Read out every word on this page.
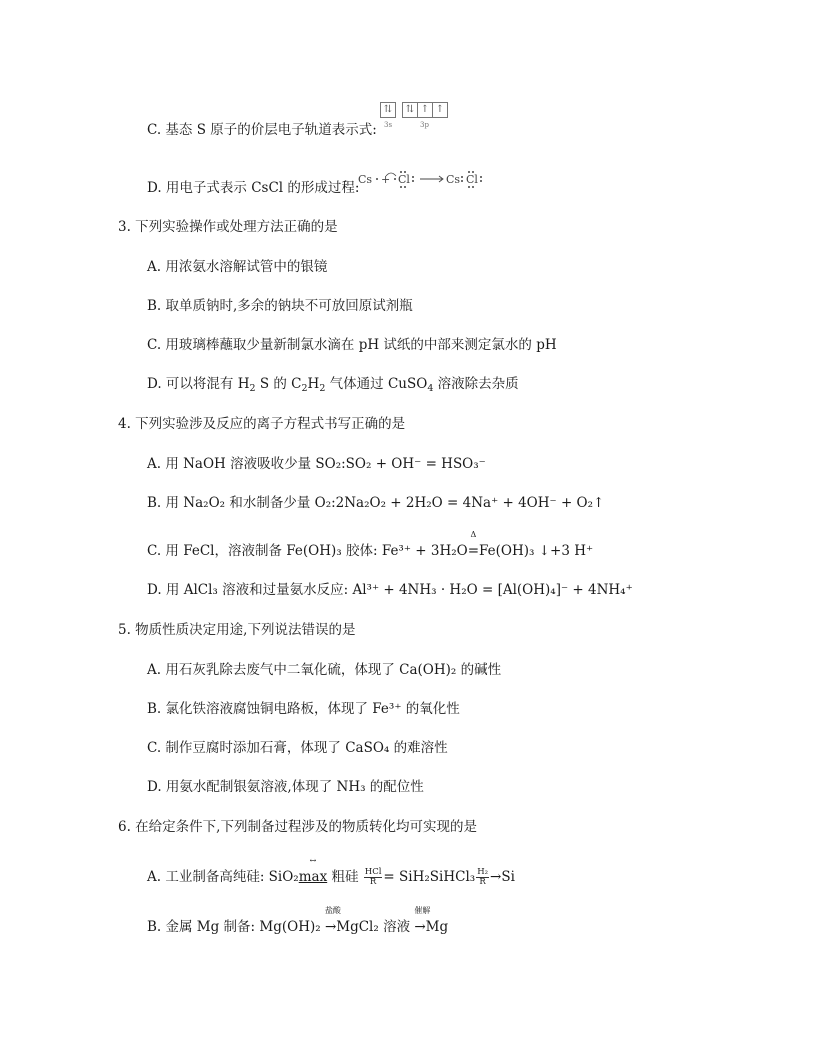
C. 基态 S 原子的价层电子轨道表示式:
⇅	⇅ ↑ ↑
3s	3p
D. 用电子式表示 CsCl 的形成过程:
Cs + Cl	Cs Cl
3. 下列实验操作或处理方法正确的是
A. 用浓氨水溶解试管中的银镜
B. 取单质钠时,多余的钠块不可放回原试剂瓶
C. 用玻璃棒蘸取少量新制氯水滴在 pH 试纸的中部来测定氯水的 pH
D. 可以将混有 $H_2$ S 的 $C_2H_2$ 气体通过 CuSO$_4$ 溶液除去杂质
4. 下列实验涉及反应的离子方程式书写正确的是
A. 用 NaOH 溶液吸收少量 SO₂:SO₂ + OH⁻ = HSO₃⁻
B. 用 Na₂O₂ 和水制备少量 O₂:2Na₂O₂ + 2H₂O = 4Na⁺ + 4OH⁻ + O₂↑
C. 用 FeCl，溶液制备 Fe(OH)₃ 胶体: Fe³⁺ + 3H₂O
Δ
=Fe(OH)₃ ↓+3 H⁺
D. 用 AlCl₃ 溶液和过量氨水反应: Al³⁺ + 4NH₃ · H₂O = [Al(OH)₄]⁻ + 4NH₄⁺
5. 物质性质决定用途,下列说法错误的是
A. 用石灰乳除去废气中二氧化硫，体现了 Ca(OH)₂ 的碱性
B. 氯化铁溶液腐蚀铜电路板，体现了 Fe³⁺ 的氧化性
C. 制作豆腐时添加石膏，体现了 CaSO₄ 的难溶性
D. 用氨水配制银氨溶液,体现了 NH₃ 的配位性
6. 在给定条件下,下列制备过程涉及的物质转化均可实现的是
A. 工业制备高纯硅: SiO₂
↔
max 粗硅 $\frac{\text{HCl}}{R}$ = SiH₂SiHCl₃ $\frac{\text{H₂}}{R} \to Si$
B. 金属 Mg 制备: Mg(OH)₂
盐酸
→MgCl₂ 溶液
催解
→Mg
